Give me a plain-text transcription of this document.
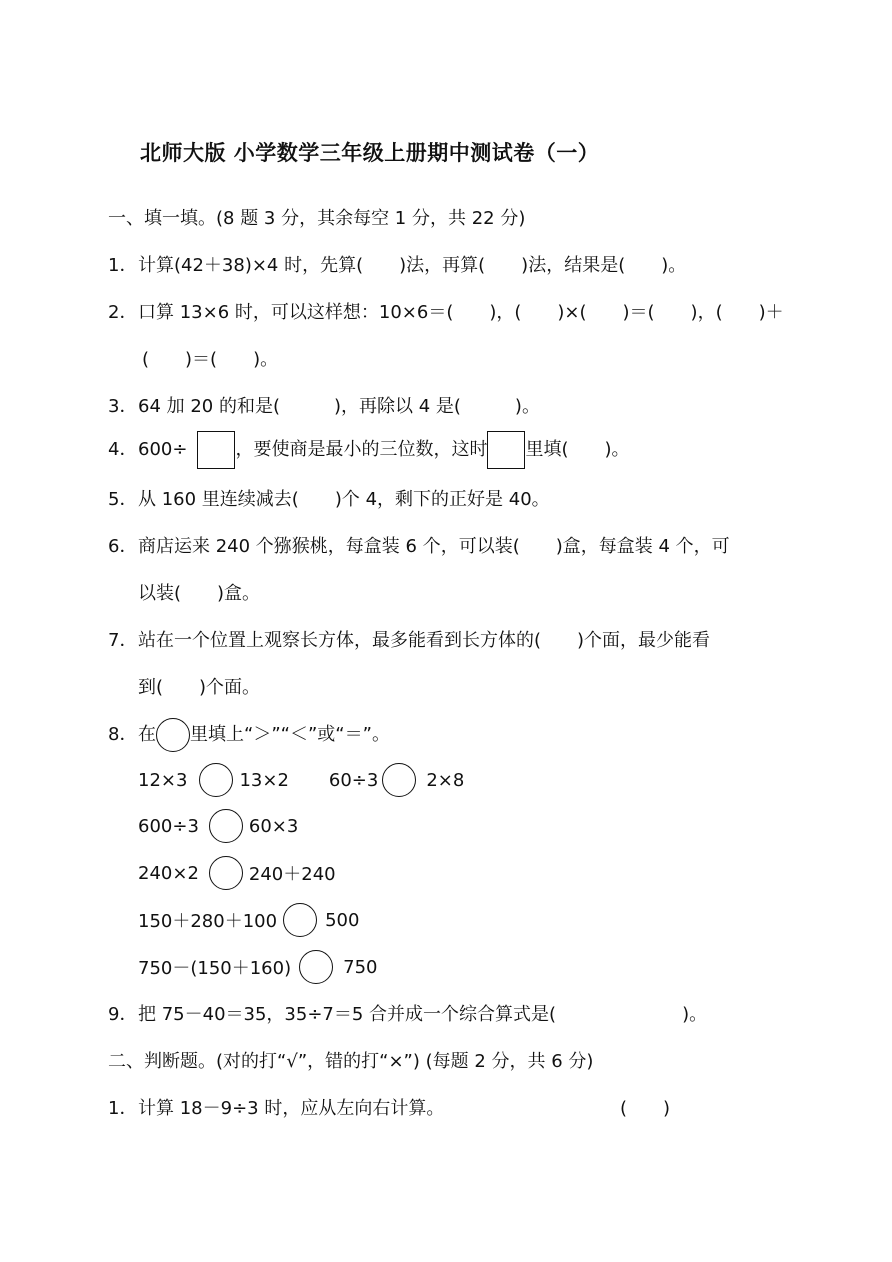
北师大版 小学数学三年级上册期中测试卷（一）

一、填一填。(8 题 3 分，其余每空 1 分，共 22 分)

1． 计算(42＋38)×4 时，先算(　　)法，再算(　　)法，结果是(　　)。

2． 口算 13×6 时，可以这样想：10×6＝(　　)，(　　)×(　　)＝(　　)，(　　)＋

(　　)＝(　　)。

3． 64 加 20 的和是(　　　)，再除以 4 是(　　　)。

4． 600÷	，要使商是最小的三位数，这时 里填(　　)。

5． 从 160 里连续减去(　　)个 4，剩下的正好是 40。

6． 商店运来 240 个猕猴桃，每盒装 6 个，可以装(　　)盒，每盒装 4 个，可

以装(　　)盒。

7． 站在一个位置上观察长方体，最多能看到长方体的(　　)个面，最少能看

到(　　)个面。

8． 在 里填上“＞”“＜”或“＝”。

12×3	13×2 60÷3	2×8
600÷3	60×3
240×2	240＋240
150＋280＋100	500
750－(150＋160)	750

9． 把 75－40＝35，35÷7＝5 合并成一个综合算式是(　　　　　　　)。

二、判断题。(对的打“√”，错的打“×”) (每题 2 分，共 6 分)

1． 计算 18－9÷3 时，应从左向右计算。	(　　)
